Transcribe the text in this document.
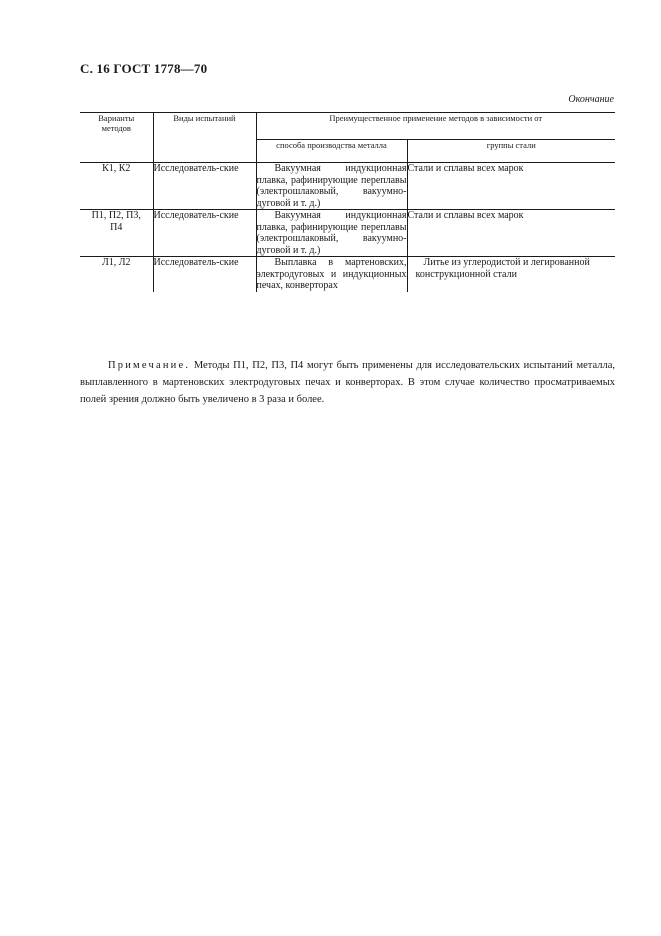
С. 16 ГОСТ 1778—70
Окончание
Варианты методов	Виды испытаний	Преимущественное применение методов в зависимости от	
		способа производства металла	группы стали
К1, К2	Исследователь-ские	Вакуумная индукционная плавка, рафинирующие переплавы (электрошлаковый, вакуумно-дуговой и т. д.)	Стали и сплавы всех марок
П1, П2, П3, П4	Исследователь-ские	Вакуумная индукционная плавка, рафинирующие переплавы (электрошлаковый, вакуумно-дуговой и т. д.)	Стали и сплавы всех марок
Л1, Л2	Исследователь-ские	Выплавка в мартеновских, электродуговых и индукционных печах, конверторах	Литье из углеродистой и легированной конструкционной стали
Примечание. Методы П1, П2, П3, П4 могут быть применены для исследовательских испытаний металла, выплавленного в мартеновских электродуговых печах и конверторах. В этом случае количество просматриваемых полей зрения должно быть увеличено в 3 раза и более.
